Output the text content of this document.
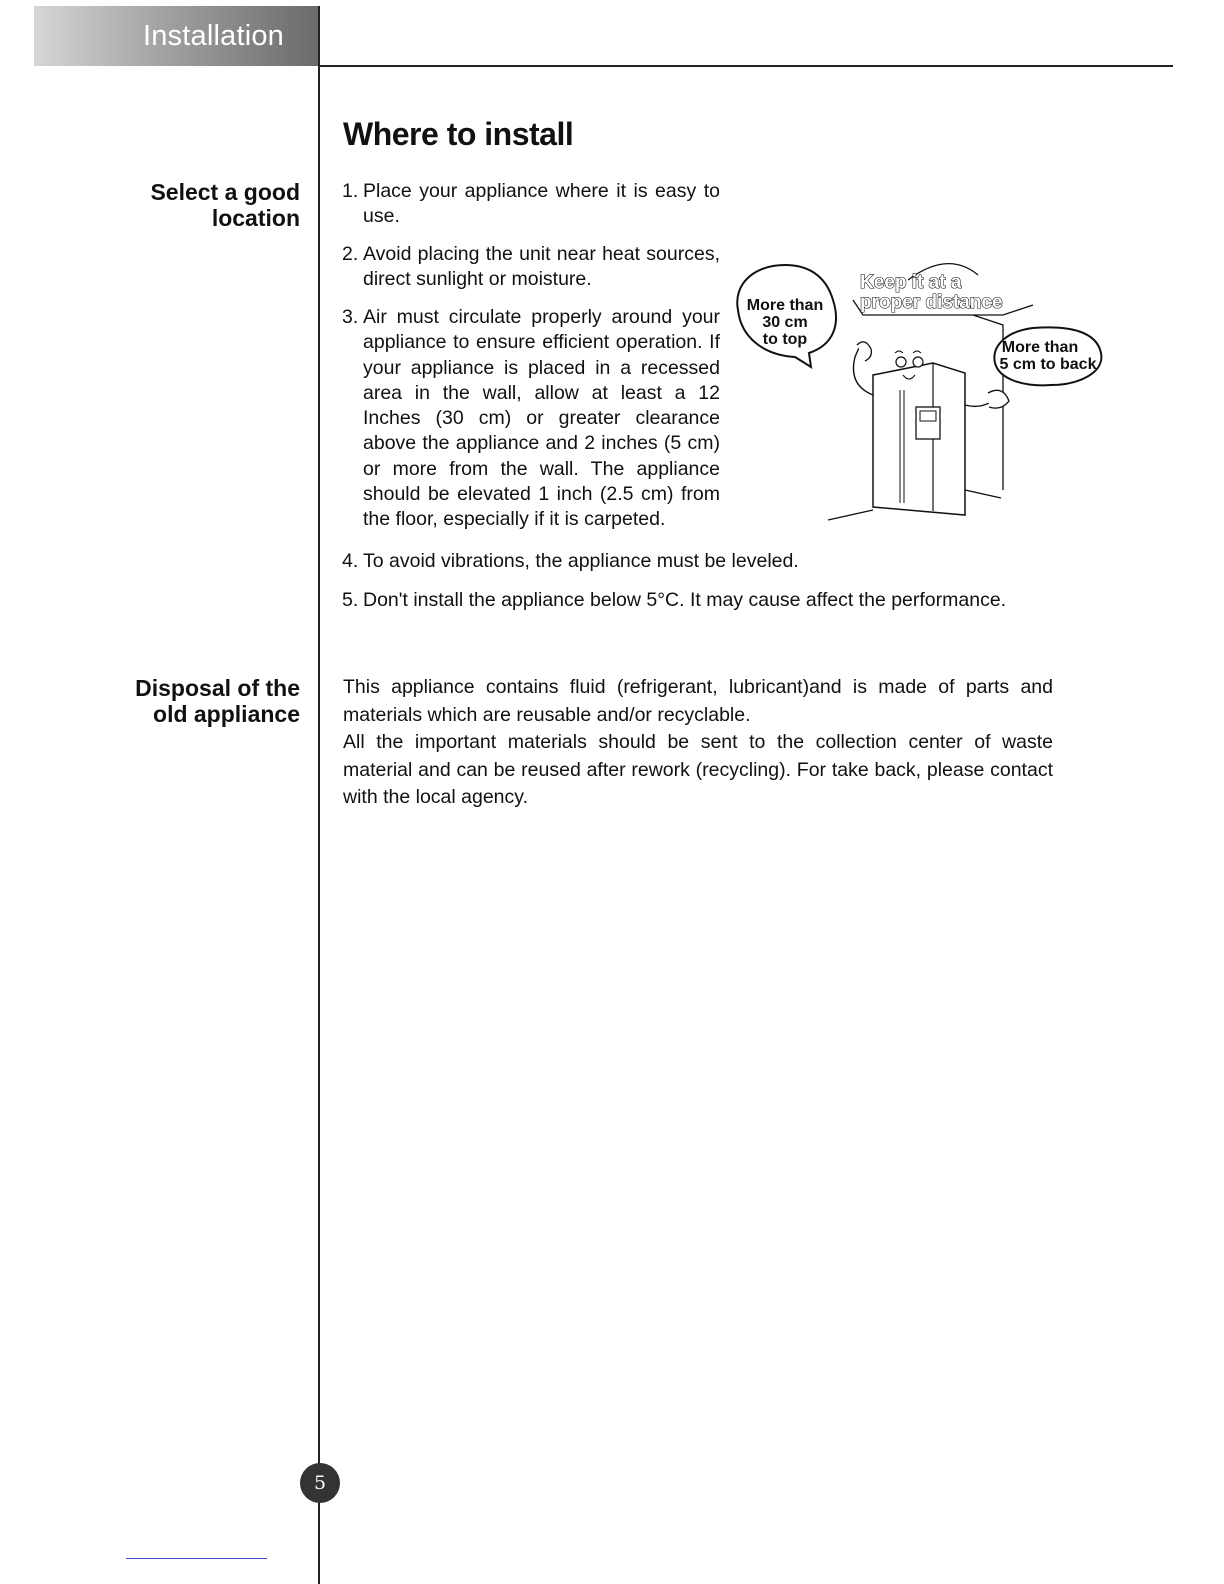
Installation
Select a good
location
Disposal of the
old appliance
Where to install
1. Place your appliance where it is easy to use.
2. Avoid placing the unit near heat sources, direct sunlight or moisture.
3. Air must circulate properly around your appliance to ensure efficient operation. If your appliance is placed in a recessed area in the wall, allow at least a 12 Inches (30 cm) or greater clearance above the appliance and 2 inches (5 cm) or more from the wall. The appliance should be elevated 1 inch (2.5 cm) from the floor, especially if it is carpeted.
4. To avoid vibrations, the appliance must be leveled.
5. Don't install the appliance below 5°C. It may cause affect the performance.
More than
30 cm
to top	More than
5 cm to back
Keep it at a
proper distance

This appliance contains fluid (refrigerant, lubricant)and is made of parts and materials which are reusable and/or recyclable.

All the important materials should be sent to the collection center of waste material and can be reused after rework (recycling). For take back, please contact with the local agency.

5
